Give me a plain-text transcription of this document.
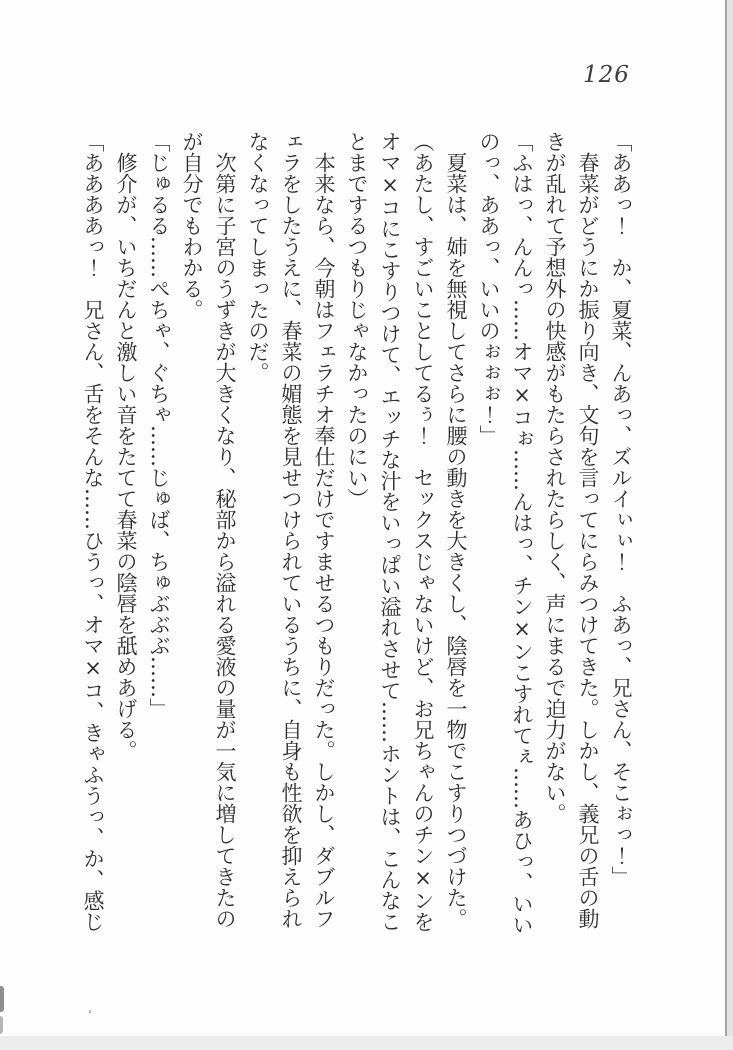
126
「ああっ！　か、夏菜、んあっ、ズルイぃぃ！　ふあっ、兄さん、そこぉっ！」
　春菜がどうにか振り向き、文句を言ってにらみつけてきた。しかし、義兄の舌の動
きが乱れて予想外の快感がもたらされたらしく、声にまるで迫力がない。
「ふはっ、んんっ……オマ×コぉ……んはっ、チン×ンこすれてぇ……あひっ、いい
のっ、ああっ、いいのぉぉぉ！」
　夏菜は、姉を無視してさらに腰の動きを大きくし、陰唇を一物でこすりつづけた。
（あたし、すごいことしてるぅ！　セックスじゃないけど、お兄ちゃんのチン×ンを
オマ×コにこすりつけて、エッチな汁をいっぱい溢れさせて……ホントは、こんなこ
とまでするつもりじゃなかったのにい）
　本来なら、今朝はフェラチオ奉仕だけですませるつもりだった。しかし、ダブルフ
ェラをしたうえに、春菜の媚態を見せつけられているうちに、自身も性欲を抑えられ
なくなってしまったのだ。
　次第に子宮のうずきが大きくなり、秘部から溢れる愛液の量が一気に増してきたの
が自分でもわかる。
「じゅるる……ぺちゃ、ぐちゃ……じゅば、ちゅぶぶぶ……」
　修介が、いちだんと激しい音をたてて春菜の陰唇を舐めあげる。
「ああああっ！　兄さん、舌をそんな……ひうっ、オマ×コ、きゃふうっ、か、感じ
